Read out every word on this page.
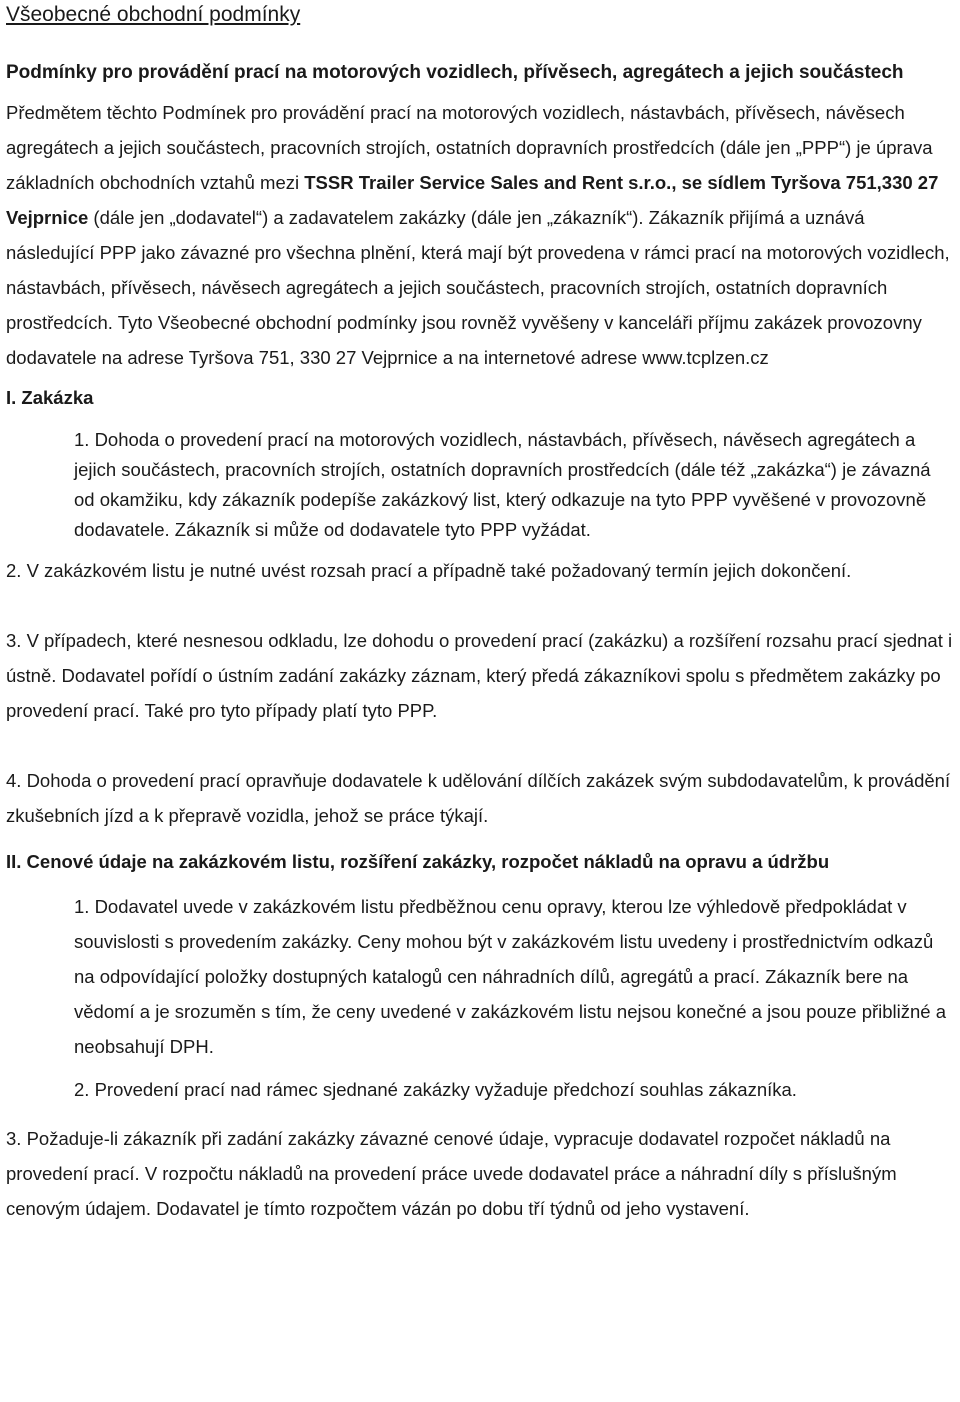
Všeobecné obchodní podmínky
Podmínky pro provádění prací na motorových vozidlech, přívěsech, agregátech a jejich součástech

Předmětem těchto Podmínek pro provádění prací na motorových vozidlech, nástavbách, přívěsech, návěsech agregátech a jejich součástech, pracovních strojích, ostatních dopravních prostředcích (dále jen „PPP“) je úprava základních obchodních vztahů mezi TSSR Trailer Service Sales and Rent s.r.o., se sídlem Tyršova 751,330 27 Vejprnice (dále jen „dodavatel“) a zadavatelem zakázky (dále jen „zákazník“). Zákazník přijímá a uznává následující PPP jako závazné pro všechna plnění, která mají být provedena v rámci prací na motorových vozidlech, nástavbách, přívěsech, návěsech agregátech a jejich součástech, pracovních strojích, ostatních dopravních prostředcích. Tyto Všeobecné obchodní podmínky jsou rovněž vyvěšeny v kanceláři příjmu zakázek provozovny dodavatele na adrese Tyršova 751, 330 27 Vejprnice a na internetové adrese www.tcplzen.cz

I. Zakázka
1. Dohoda o provedení prací na motorových vozidlech, nástavbách, přívěsech, návěsech agregátech a jejich součástech, pracovních strojích, ostatních dopravních prostředcích (dále též „zakázka“) je závazná od okamžiku, kdy zákazník podepíše zakázkový list, který odkazuje na tyto PPP vyvěšené v provozovně dodavatele. Zákazník si může od dodavatele tyto PPP vyžádat.
2. V zakázkovém listu je nutné uvést rozsah prací a případně také požadovaný termín jejich dokončení.
3. V případech, které nesnesou odkladu, lze dohodu o provedení prací (zakázku) a rozšíření rozsahu prací sjednat i ústně. Dodavatel pořídí o ústním zadání zakázky záznam, který předá zákazníkovi spolu s předmětem zakázky po provedení prací. Také pro tyto případy platí tyto PPP.
4. Dohoda o provedení prací opravňuje dodavatele k udělování dílčích zakázek svým subdodavatelům, k provádění zkušebních jízd a k přepravě vozidla, jehož se práce týkají.
II. Cenové údaje na zakázkovém listu, rozšíření zakázky, rozpočet nákladů na opravu a údržbu
1. Dodavatel uvede v zakázkovém listu předběžnou cenu opravy, kterou lze výhledově předpokládat v souvislosti s provedením zakázky. Ceny mohou být v zakázkovém listu uvedeny i prostřednictvím odkazů na odpovídající položky dostupných katalogů cen náhradních dílů, agregátů a prací. Zákazník bere na vědomí a je srozuměn s tím, že ceny uvedené v zakázkovém listu nejsou konečné a jsou pouze přibližné a neobsahují DPH.
2. Provedení prací nad rámec sjednané zakázky vyžaduje předchozí souhlas zákazníka.
3. Požaduje-li zákazník při zadání zakázky závazné cenové údaje, vypracuje dodavatel rozpočet nákladů na provedení prací. V rozpočtu nákladů na provedení práce uvede dodavatel práce a náhradní díly s příslušným cenovým údajem. Dodavatel je tímto rozpočtem vázán po dobu tří týdnů od jeho vystavení.
